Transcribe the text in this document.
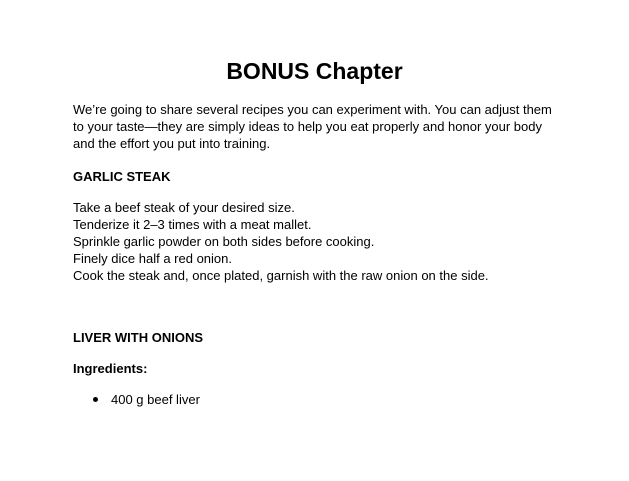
BONUS Chapter

We’re going to share several recipes you can experiment with. You can adjust them
to your taste—they are simply ideas to help you eat properly and honor your body
and the effort you put into training.

GARLIC STEAK
Take a beef steak of your desired size.
Tenderize it 2–3 times with a meat mallet.
Sprinkle garlic powder on both sides before cooking.
Finely dice half a red onion.
Cook the steak and, once plated, garnish with the raw onion on the side.
LIVER WITH ONIONS
Ingredients:
400 g beef liver
